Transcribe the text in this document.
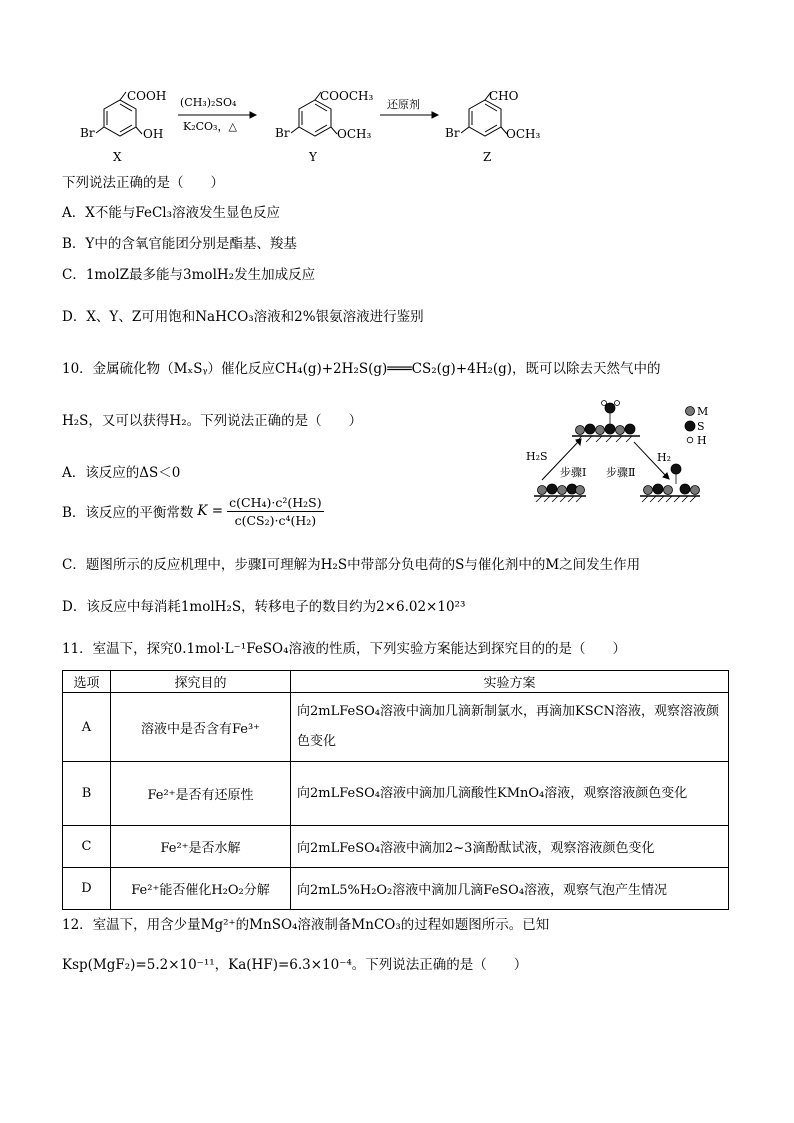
COOH
Br	OH
X
(CH₃)₂SO₄
K₂CO₃，△
COOCH₃
Br	OCH₃
Y
还原剂
CHO
Br	OCH₃
Z
下列说法正确的是（　　）
A．X不能与FeCl₃溶液发生显色反应
B．Y中的含氧官能团分别是酯基、羧基
C．1molZ最多能与3molH₂发生加成反应
D．X、Y、Z可用饱和NaHCO₃溶液和2%银氨溶液进行鉴别
10．金属硫化物（MₓSᵧ）催化反应CH₄(g)+2H₂S(g)═══CS₂(g)+4H₂(g)，既可以除去天然气中的
H₂S，又可以获得H₂。下列说法正确的是（　　）
M
S
H
H₂S	H₂
步骤Ⅰ 步骤Ⅱ
A．该反应的ΔS＜0
B．该反应的平衡常数 $K = \frac{\text{c(CH₄)·c²(H₂S)}}{\text{c(CS₂)·c⁴(H₂)}}$
C．题图所示的反应机理中，步骤Ⅰ可理解为H₂S中带部分负电荷的S与催化剂中的M之间发生作用
D．该反应中每消耗1molH₂S，转移电子的数目约为2×6.02×10²³
11．室温下，探究0.1mol·L⁻¹FeSO₄溶液的性质，下列实验方案能达到探究目的的是（　　）
选项	探究目的	实验方案
A	溶液中是否含有Fe³⁺	向2mLFeSO₄溶液中滴加几滴新制氯水，再滴加KSCN溶液，观察溶液颜色变化
B	Fe²⁺是否有还原性	向2mLFeSO₄溶液中滴加几滴酸性KMnO₄溶液，观察溶液颜色变化
C	Fe²⁺是否水解	向2mLFeSO₄溶液中滴加2~3滴酚酞试液，观察溶液颜色变化
D	Fe²⁺能否催化H₂O₂分解	向2mL5%H₂O₂溶液中滴加几滴FeSO₄溶液，观察气泡产生情况
12．室温下，用含少量Mg²⁺的MnSO₄溶液制备MnCO₃的过程如题图所示。已知
Ksp(MgF₂)=5.2×10⁻¹¹，Ka(HF)=6.3×10⁻⁴。下列说法正确的是（　　）
